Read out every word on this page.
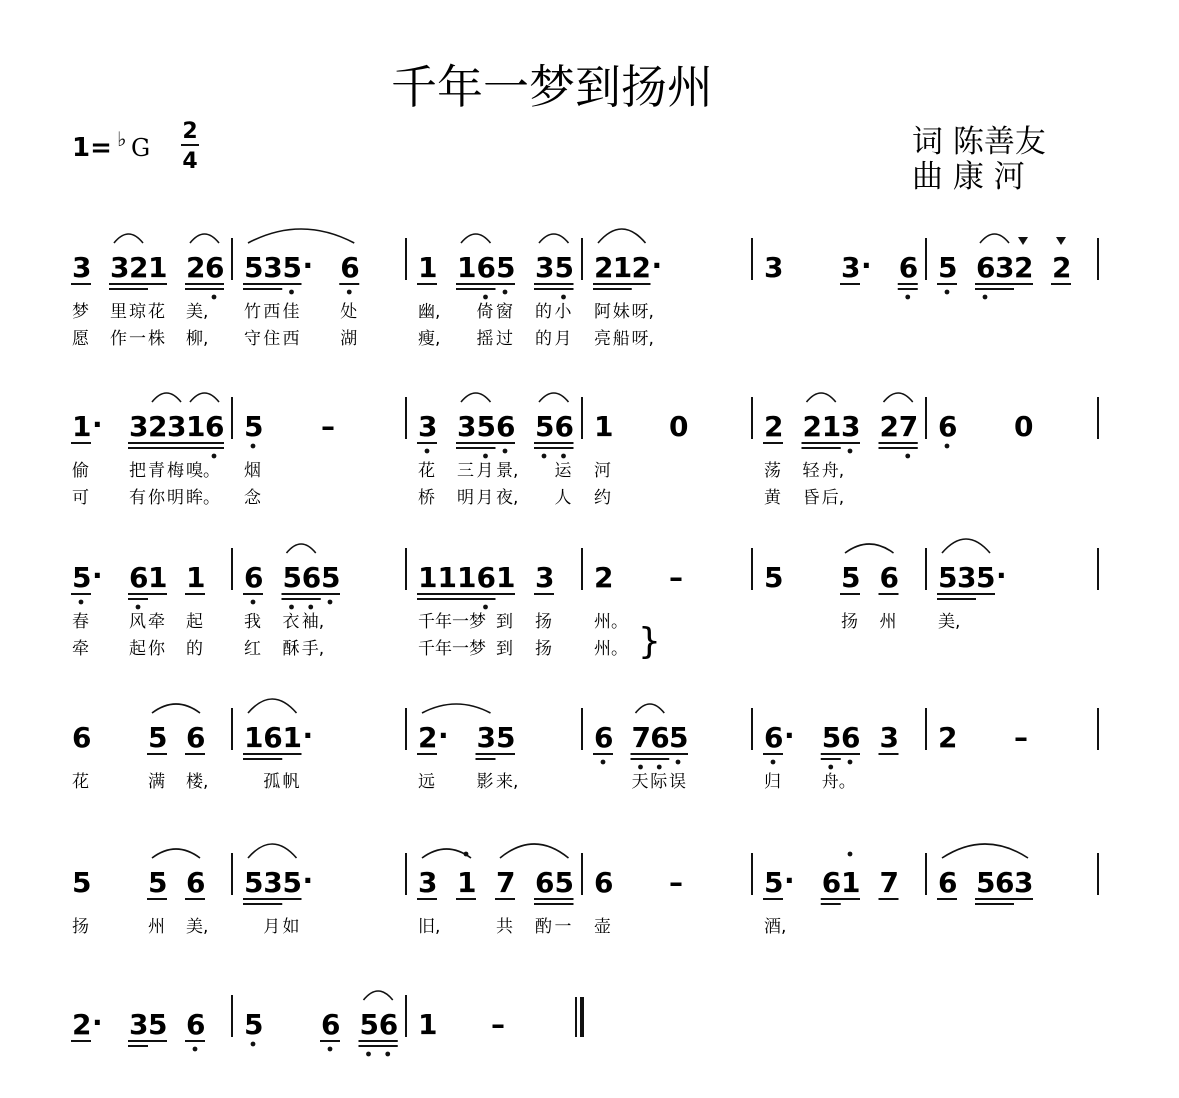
千年一梦到扬州
1= ♭ G
2
4
词 陈善友
曲 康 河
3 3 2 1 2 6 5 3 5 · 6 1 1 6 5 3 5 2 1 2 ·	3 3 · 6 5 6 3 2 2
梦 里 琼 花 美, 竹 西 佳 处	幽, 倚 窗 的 小 阿 妹 呀,
愿 作 一 株 柳, 守 住 西 湖	瘦, 摇 过 的 月 亮 船 呀,
1 · 3 2 3 1 6 5 –	3 3 5 6 5 6 1 0	2 2 1 3 2 7 6 0
偷 把 青 梅 嗅。 烟	花 三 月 景, 运 河	荡 轻 舟,
可 有 你 明 眸。 念	桥 明 月 夜, 人 约	黄 昏 后,
5 · 6 1 1 6 5 6 5	1 1 1 6 1 3 2 –	5 5 6 5 3 5 ·
春 风 牵 起 我 衣 袖,	千年一梦 到 扬 州。	扬 州 美,
牵 起 你 的 红 酥 手,	千年一梦 到 扬 州。 }
6 5 6 1 6 1 ·	2 · 3 5	6 7 6 5	6 · 5 6 3 2 –
花	满 楼,	孤 帆	远 影 来,	天 际 误	归 舟。
5 5 6 5 3 5 ·	3 1 7 6 5 6 –	5 · 6 1 7 6 5 6 3
扬	州 美,	月 如	旧,	共 酌 一 壶	酒,
2 · 3 5 6 5 6 5 6 1 –
